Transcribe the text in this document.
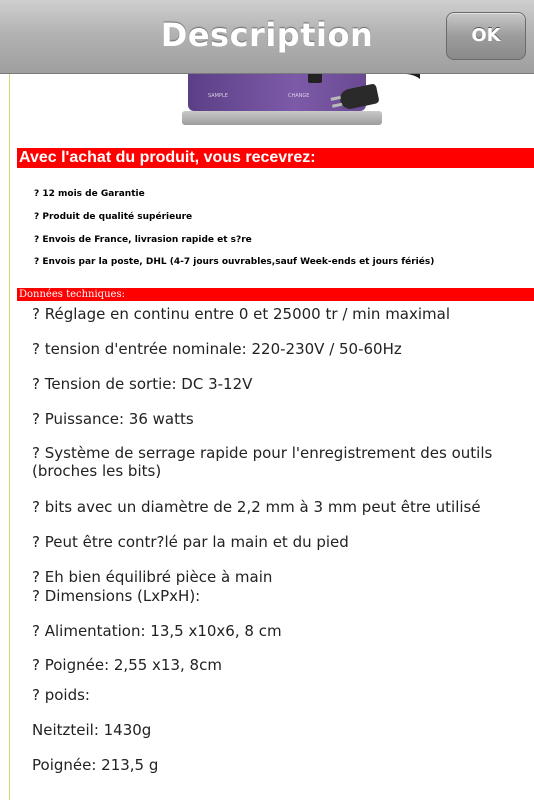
SAMPLE	CHANGE
Avec l'achat du produit, vous recevrez:
? 12 mois de Garantie
? Produit de qualité supérieure
? Envois de France, livrasion rapide et s?re
? Envois par la poste, DHL (4-7 jours ouvrables,sauf Week-ends et jours fériés)
Données techniques:
? Réglage en continu entre 0 et 25000 tr / min maximal
? tension d'entrée nominale: 220-230V / 50-60Hz
? Tension de sortie: DC 3-12V
? Puissance: 36 watts
? Système de serrage rapide pour l'enregistrement des outils (broches les bits)
? bits avec un diamètre de 2,2 mm à 3 mm peut être utilisé
? Peut être contr?lé par la main et du pied
? Eh bien équilibré pièce à main
? Dimensions (LxPxH):
? Alimentation: 13,5 x10x6, 8 cm
? Poignée: 2,55 x13, 8cm
? poids:
Neitzteil: 1430g
Poignée: 213,5 g
Description	OK
